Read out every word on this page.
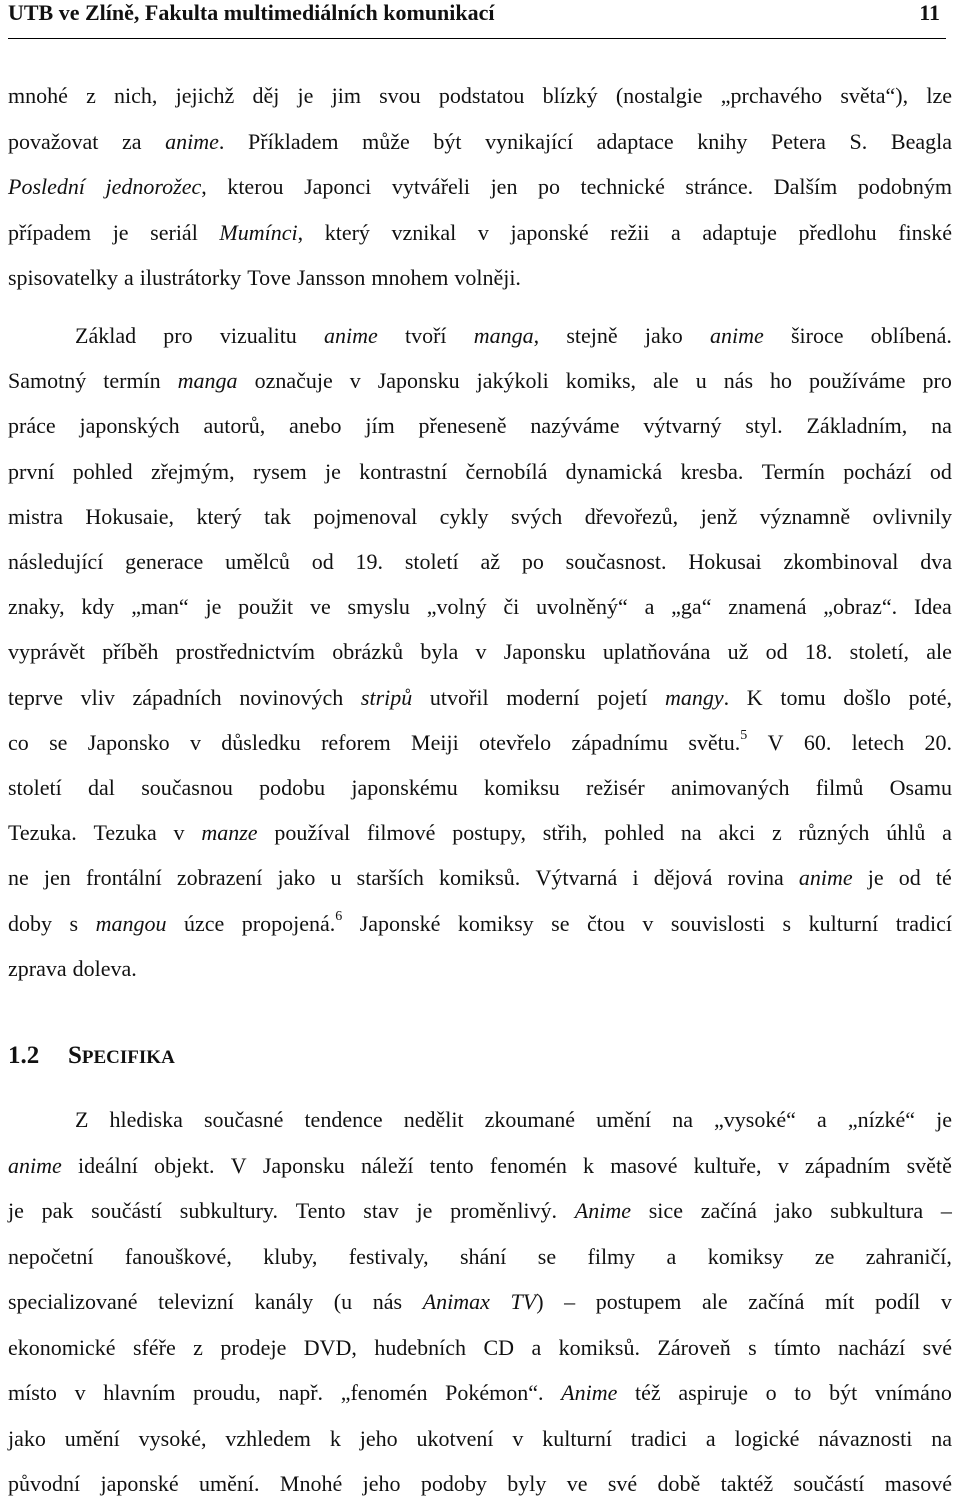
UTB ve Zlíně, Fakulta multimediálních komunikací	11
mnohé z nich, jejichž děj je jim svou podstatou blízký (nostalgie „prchavého světa“), lze
považovat za anime. Příkladem může být vynikající adaptace knihy Petera S. Beagla
Poslední jednorožec, kterou Japonci vytvářeli jen po technické stránce. Dalším podobným
případem je seriál Mumínci, který vznikal v japonské režii a adaptuje předlohu finské
spisovatelky a ilustrátorky Tove Jansson mnohem volněji.
Základ pro vizualitu anime tvoří manga, stejně jako anime široce oblíbená.
Samotný termín manga označuje v Japonsku jakýkoli komiks, ale u nás ho používáme pro
práce japonských autorů, anebo jím přeneseně nazýváme výtvarný styl. Základním, na
první pohled zřejmým, rysem je kontrastní černobílá dynamická kresba. Termín pochází od
mistra Hokusaie, který tak pojmenoval cykly svých dřevořezů, jenž významně ovlivnily
následující generace umělců od 19. století až po současnost. Hokusai zkombinoval dva
znaky, kdy „man“ je použit ve smyslu „volný či uvolněný“ a „ga“ znamená „obraz“. Idea
vyprávět příběh prostřednictvím obrázků byla v Japonsku uplatňována už od 18. století, ale
teprve vliv západních novinových stripů utvořil moderní pojetí mangy. K tomu došlo poté,
co se Japonsko v důsledku reforem Meiji otevřelo západnímu světu.$^5$ V 60. letech 20.
století dal současnou podobu japonskému komiksu režisér animovaných filmů Osamu
Tezuka. Tezuka v manze používal filmové postupy, střih, pohled na akci z různých úhlů a
ne jen frontální zobrazení jako u starších komiksů. Výtvarná i dějová rovina anime je od té
doby s mangou úzce propojená.$^6$ Japonské komiksy se čtou v souvislosti s kulturní tradicí
zprava doleva.
Z hlediska současné tendence nedělit zkoumané umění na „vysoké“ a „nízké“ je
anime ideální objekt. V Japonsku náleží tento fenomén k masové kultuře, v západním světě
je pak součástí subkultury. Tento stav je proměnlivý. Anime sice začíná jako subkultura –
nepočetní fanouškové, kluby, festivaly, shání se filmy a komiksy ze zahraničí,
specializované televizní kanály (u nás Animax TV) – postupem ale začíná mít podíl v
ekonomické sféře z prodeje DVD, hudebních CD a komiksů. Zároveň s tímto nachází své
místo v hlavním proudu, např. „fenomén Pokémon“. Anime též aspiruje o to být vnímáno
jako umění vysoké, vzhledem k jeho ukotvení v kulturní tradici a logické návaznosti na
původní japonské umění. Mnohé jeho podoby byly ve své době taktéž součástí masové
1.2 SPECIFIKA
